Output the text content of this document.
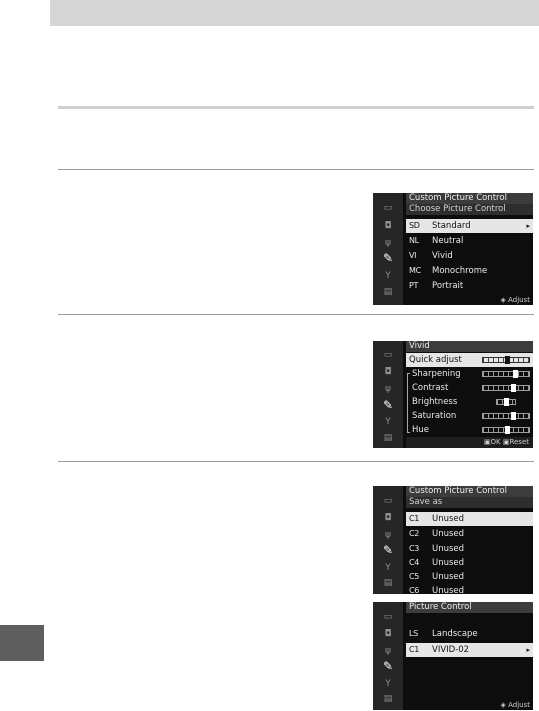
▭
◘
ψ
✎
Y
▤
Custom Picture Control
Choose Picture Control
SD Standard	▸
NL Neutral
VI Vivid
MC Monochrome
PT Portrait
◈ Adjust
▭
◘
ψ
✎
Y
▤
Vivid
Quick adjust
Sharpening
Contrast
Brightness
Saturation
Hue
▣OK ▣Reset
▭
◘
ψ
✎
Y
▤
Custom Picture Control
Save as
C1 Unused
C2 Unused
C3 Unused
C4 Unused
C5 Unused
C6 Unused
▭
◘
ψ
✎
Y
▤
Picture Control
LS Landscape
C1 VIVID-02	▸
◈ Adjust
